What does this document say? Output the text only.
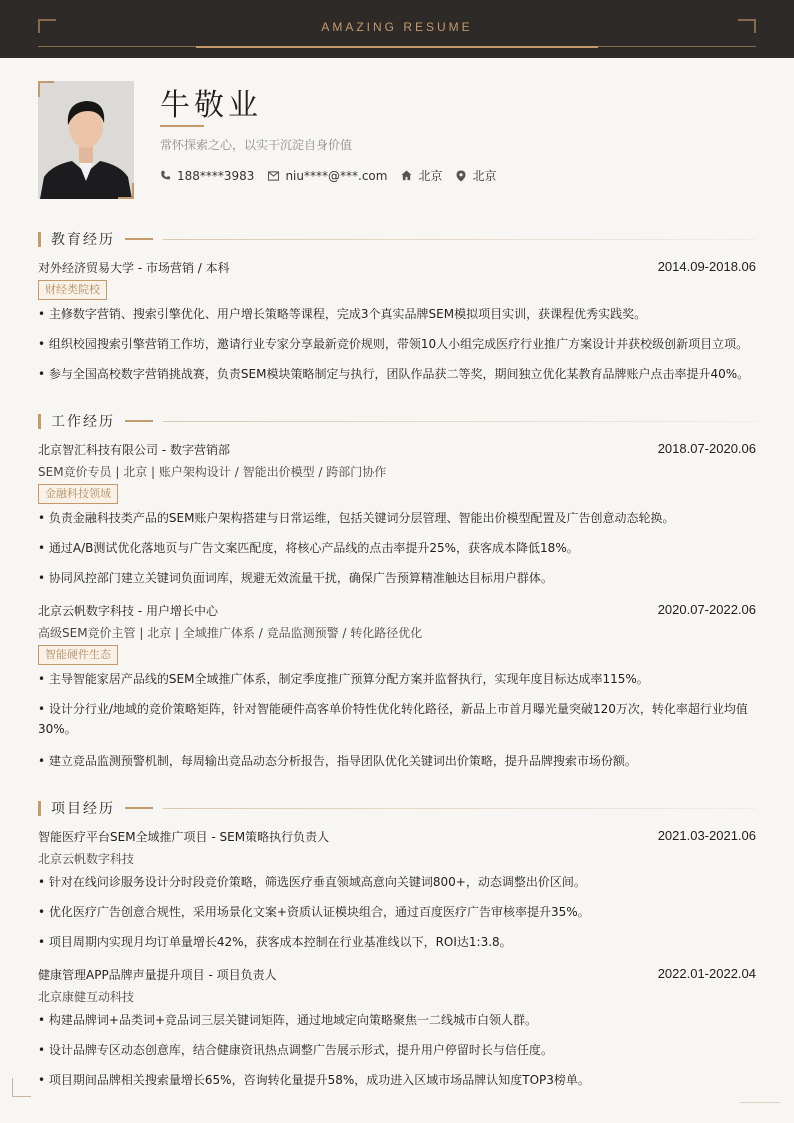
AMAZING RESUME
牛敬业
常怀探索之心，以实干沉淀自身价值
188****3983	niu****@***.com	北京	北京
教育经历
对外经济贸易大学 - 市场营销 / 本科	2014.09-2018.06
财经类院校
• 主修数字营销、搜索引擎优化、用户增长策略等课程，完成3个真实品牌SEM模拟项目实训，获课程优秀实践奖。
• 组织校园搜索引擎营销工作坊，邀请行业专家分享最新竞价规则，带领10人小组完成医疗行业推广方案设计并获校级创新项目立项。
• 参与全国高校数字营销挑战赛，负责SEM模块策略制定与执行，团队作品获二等奖，期间独立优化某教育品牌账户点击率提升40%。
工作经历
北京智汇科技有限公司 - 数字营销部	2018.07-2020.06
SEM竞价专员 | 北京 | 账户架构设计 / 智能出价模型 / 跨部门协作
金融科技领域
• 负责金融科技类产品的SEM账户架构搭建与日常运维，包括关键词分层管理、智能出价模型配置及广告创意动态轮换。
• 通过A/B测试优化落地页与广告文案匹配度，将核心产品线的点击率提升25%，获客成本降低18%。
• 协同风控部门建立关键词负面词库，规避无效流量干扰，确保广告预算精准触达目标用户群体。
北京云帆数字科技 - 用户增长中心	2020.07-2022.06
高级SEM竞价主管 | 北京 | 全域推广体系 / 竞品监测预警 / 转化路径优化
智能硬件生态
• 主导智能家居产品线的SEM全域推广体系，制定季度推广预算分配方案并监督执行，实现年度目标达成率115%。
• 设计分行业/地域的竞价策略矩阵，针对智能硬件高客单价特性优化转化路径，新品上市首月曝光量突破120万次，转化率超行业均值30%。
• 建立竞品监测预警机制，每周输出竞品动态分析报告，指导团队优化关键词出价策略，提升品牌搜索市场份额。
项目经历
智能医疗平台SEM全域推广项目 - SEM策略执行负责人	2021.03-2021.06
北京云帆数字科技
• 针对在线问诊服务设计分时段竞价策略，筛选医疗垂直领域高意向关键词800+，动态调整出价区间。
• 优化医疗广告创意合规性，采用场景化文案+资质认证模块组合，通过百度医疗广告审核率提升35%。
• 项目周期内实现月均订单量增长42%，获客成本控制在行业基准线以下，ROI达1:3.8。
健康管理APP品牌声量提升项目 - 项目负责人	2022.01-2022.04
北京康健互动科技
• 构建品牌词+品类词+竞品词三层关键词矩阵，通过地域定向策略聚焦一二线城市白领人群。
• 设计品牌专区动态创意库，结合健康资讯热点调整广告展示形式，提升用户停留时长与信任度。
• 项目期间品牌相关搜索量增长65%，咨询转化量提升58%，成功进入区域市场品牌认知度TOP3榜单。
